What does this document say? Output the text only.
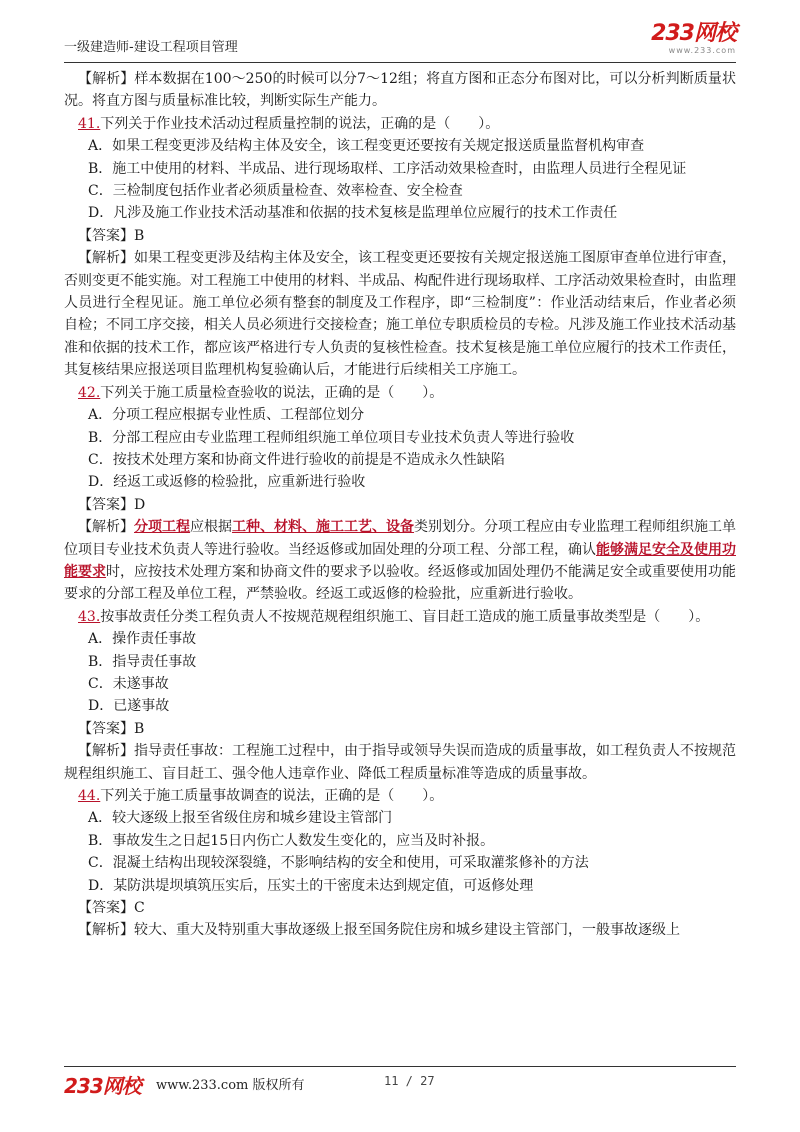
一级建造师-建设工程项目管理
233网校
www.233.com

【解析】样本数据在100～250的时候可以分7～12组；将直方图和正态分布图对比，可以分析判断质量状况。将直方图与质量标准比较，判断实际生产能力。

41.下列关于作业技术活动过程质量控制的说法，正确的是（　　）。

A．如果工程变更涉及结构主体及安全，该工程变更还要按有关规定报送质量监督机构审查

B．施工中使用的材料、半成品、进行现场取样、工序活动效果检查时，由监理人员进行全程见证

C．三检制度包括作业者必须质量检查、效率检查、安全检查

D．凡涉及施工作业技术活动基准和依据的技术复核是监理单位应履行的技术工作责任

【答案】B

【解析】如果工程变更涉及结构主体及安全，该工程变更还要按有关规定报送施工图原审查单位进行审查，否则变更不能实施。对工程施工中使用的材料、半成品、构配件进行现场取样、工序活动效果检查时，由监理人员进行全程见证。施工单位必须有整套的制度及工作程序，即“三检制度”：作业活动结束后，作业者必须自检；不同工序交接，相关人员必须进行交接检查；施工单位专职质检员的专检。凡涉及施工作业技术活动基准和依据的技术工作，都应该严格进行专人负责的复核性检查。技术复核是施工单位应履行的技术工作责任，其复核结果应报送项目监理机构复验确认后，才能进行后续相关工序施工。

42.下列关于施工质量检查验收的说法，正确的是（　　）。

A．分项工程应根据专业性质、工程部位划分

B．分部工程应由专业监理工程师组织施工单位项目专业技术负责人等进行验收

C．按技术处理方案和协商文件进行验收的前提是不造成永久性缺陷

D．经返工或返修的检验批，应重新进行验收

【答案】D

【解析】分项工程应根据工种、材料、施工工艺、设备类别划分。分项工程应由专业监理工程师组织施工单位项目专业技术负责人等进行验收。当经返修或加固处理的分项工程、分部工程，确认能够满足安全及使用功能要求时，应按技术处理方案和协商文件的要求予以验收。经返修或加固处理仍不能满足安全或重要使用功能要求的分部工程及单位工程，严禁验收。经返工或返修的检验批，应重新进行验收。

43.按事故责任分类工程负责人不按规范规程组织施工、盲目赶工造成的施工质量事故类型是（　　）。

A．操作责任事故

B．指导责任事故

C．未遂事故

D．已遂事故

【答案】B

【解析】指导责任事故：工程施工过程中，由于指导或领导失误而造成的质量事故，如工程负责人不按规范规程组织施工、盲目赶工、强令他人违章作业、降低工程质量标准等造成的质量事故。

44.下列关于施工质量事故调查的说法，正确的是（　　）。

A．较大逐级上报至省级住房和城乡建设主管部门

B．事故发生之日起15日内伤亡人数发生变化的，应当及时补报。

C．混凝土结构出现较深裂缝，不影响结构的安全和使用，可采取灌浆修补的方法

D．某防洪堤坝填筑压实后，压实土的干密度未达到规定值，可返修处理

【答案】C

【解析】较大、重大及特别重大事故逐级上报至国务院住房和城乡建设主管部门，一般事故逐级上

233网校 www.233.com 版权所有	11 / 27
